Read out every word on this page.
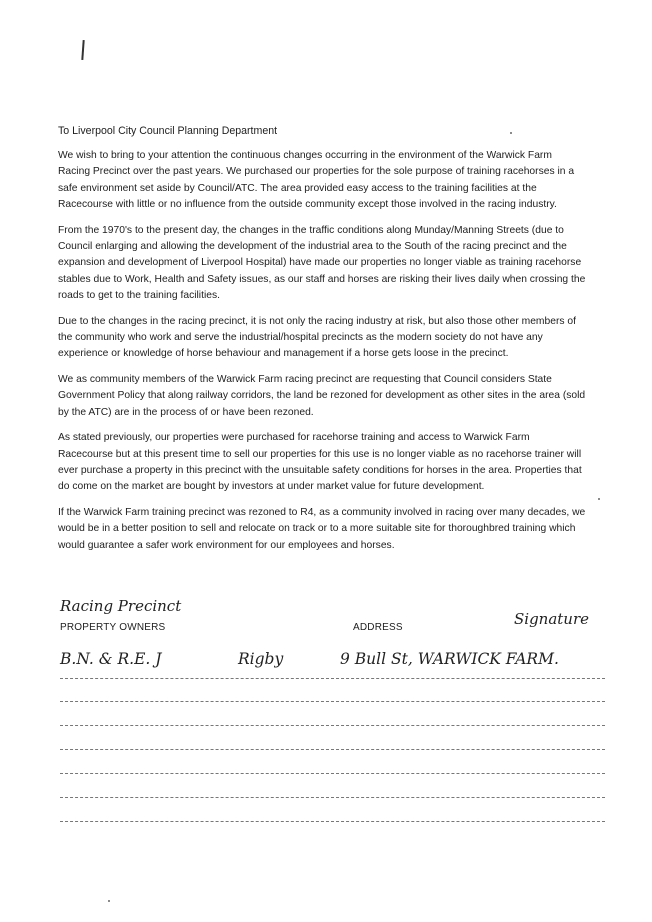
To Liverpool City Council Planning Department

We wish to bring to your attention the continuous changes occurring in the environment of the Warwick Farm Racing Precinct over the past years. We purchased our properties for the sole purpose of training racehorses in a safe environment set aside by Council/ATC. The area provided easy access to the training facilities at the Racecourse with little or no influence from the outside community except those involved in the racing industry.

From the 1970's to the present day, the changes in the traffic conditions along Munday/Manning Streets (due to Council enlarging and allowing the development of the industrial area to the South of the racing precinct and the expansion and development of Liverpool Hospital) have made our properties no longer viable as training racehorse stables due to Work, Health and Safety issues, as our staff and horses are risking their lives daily when crossing the roads to get to the training facilities.

Due to the changes in the racing precinct, it is not only the racing industry at risk, but also those other members of the community who work and serve the industrial/hospital precincts as the modern society do not have any experience or knowledge of horse behaviour and management if a horse gets loose in the precinct.

We as community members of the Warwick Farm racing precinct are requesting that Council considers State Government Policy that along railway corridors, the land be rezoned for development as other sites in the area (sold by the ATC) are in the process of or have been rezoned.

As stated previously, our properties were purchased for racehorse training and access to Warwick Farm Racecourse but at this present time to sell our properties for this use is no longer viable as no racehorse trainer will ever purchase a property in this precinct with the unsuitable safety conditions for horses in the area. Properties that do come on the market are bought by investors at under market value for future development.

If the Warwick Farm training precinct was rezoned to R4, as a community involved in racing over many decades, we would be in a better position to sell and relocate on track or to a more suitable site for thoroughbred training which would guarantee a safer work environment for our employees and horses.

Racing Precinct
Signature
PROPERTY OWNERS	ADDRESS
B.N. & R.E. J	Rigby	9 Bull St, WARWICK FARM.
